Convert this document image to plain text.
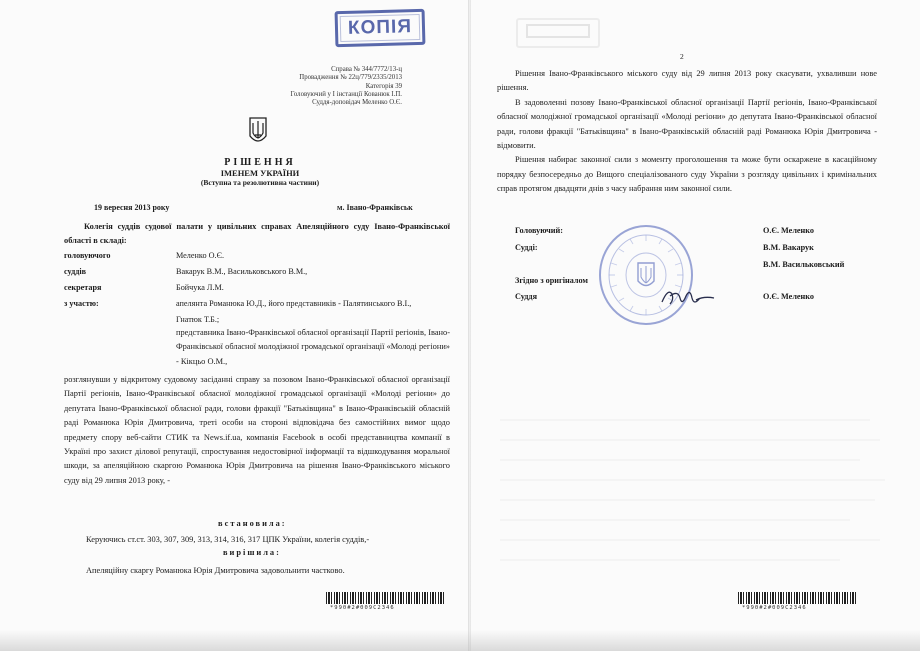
КОПІЯ
Справа № 344/7772/13-ц
Провадження № 22ц/779/2335/2013
Категорія 39
Головуючий у І інстанції Кованюк І.П.
Суддя-доповідач Меленко О.Є.
РІШЕННЯ
ІМЕНЕМ УКРАЇНИ
(Вступна та резолютивна частини)
19 вересня 2013 року	м. Івано-Франківськ
Колегія суддів судової палати у цивільних справах Апеляційного суду Івано-Франківської області в складі:
головуючого	Меленко О.Є.
суддів	Вакарук В.М., Васильковського В.М.,
секретаря	Бойчука Л.М.
з участю:	апелянта Романюка Ю.Д., його представників - Палятинського В.І.,
Гнатюк Т.Б.;
представника Івано-Франківської обласної організації Партії регіонів, Івано-Франківської обласної молодіжної громадської організації «Молоді регіони» - Кікцьо О.М.,
розглянувши у відкритому судовому засіданні справу за позовом Івано-Франківської обласної організації Партії регіонів, Івано-Франківської обласної молодіжної громадської організації «Молоді регіони» до депутата Івано-Франківської обласної ради, голови фракції "Батьківщина" в Івано-Франківській обласній раді Романюка Юрія Дмитровича, треті особи на стороні відповідача без самостійних вимог щодо предмету спору веб-сайти СТИК та News.if.ua, компанія Facebook в особі представництва компанії в Україні про захист ділової репутації, спростування недостовірної інформації та відшкодування моральної шкоди, за апеляційною скаргою Романюка Юрія Дмитровича на рішення Івано-Франківського міського суду від 29 липня 2013 року, -
встановила:
Керуючись ст.ст. 303, 307, 309, 313, 314, 316, 317 ЦПК України, колегія суддів,-
вирішила:
Апеляційну скаргу Романюка Юрія Дмитровича задовольнити частково.
*990#2#009C2346
2

Рішення Івано-Франківського міського суду від 29 липня 2013 року скасувати, ухваливши нове рішення.

В задоволенні позову Івано-Франківської обласної організації Партії регіонів, Івано-Франківської обласної молодіжної громадської організації «Молоді регіони» до депутата Івано-Франківської обласної ради, голови фракції "Батьківщина" в Івано-Франківській обласній раді Романюка Юрія Дмитровича - відмовити.

Рішення набирає законної сили з моменту проголошення та може бути оскаржене в касаційному порядку безпосередньо до Вищого спеціалізованого суду України з розгляду цивільних і кримінальних справ протягом двадцяти днів з часу набрання ним законної сили.

Головуючий:	О.Є. Меленко
Судді:	В.М. Вакарук
В.М. Васильковський
Згідно з оригіналом
Суддя	О.Є. Меленко
*990#2#009C2346
